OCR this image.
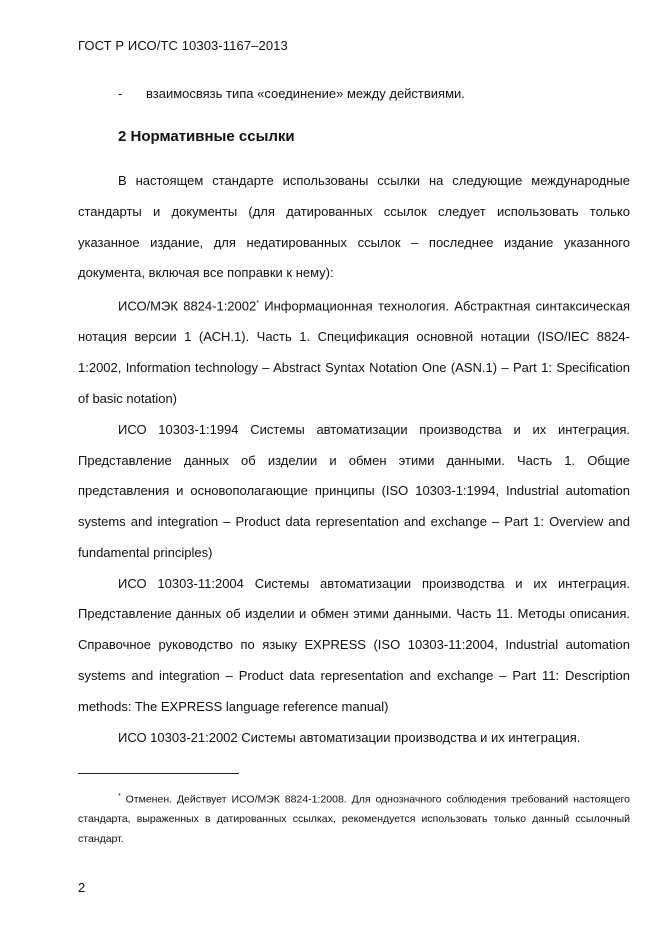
ГОСТ Р ИСО/ТС 10303-1167–2013
- взаимосвязь типа «соединение» между действиями.
2 Нормативные ссылки

В настоящем стандарте использованы ссылки на следующие международные стандарты и документы (для датированных ссылок следует использовать только указанное издание, для недатированных ссылок – последнее издание указанного документа, включая все поправки к нему):

ИСО/МЭК 8824-1:2002* Информационная технология. Абстрактная синтаксическая нотация версии 1 (АСН.1). Часть 1. Спецификация основной нотации (ISO/IEC 8824-1:2002, Information technology – Abstract Syntax Notation One (ASN.1) – Part 1: Specification of basic notation)

ИСО 10303-1:1994 Системы автоматизации производства и их интеграция. Представление данных об изделии и обмен этими данными. Часть 1. Общие представления и основополагающие принципы (ISO 10303-1:1994, Industrial automation systems and integration – Product data representation and exchange – Part 1: Overview and fundamental principles)

ИСО 10303-11:2004 Системы автоматизации производства и их интеграция. Представление данных об изделии и обмен этими данными. Часть 11. Методы описания. Справочное руководство по языку EXPRESS (ISO 10303-11:2004, Industrial automation systems and integration – Product data representation and exchange – Part 11: Description methods: The EXPRESS language reference manual)

ИСО 10303-21:2002 Системы автоматизации производства и их интеграция.

* Отменен. Действует ИСО/МЭК 8824-1:2008. Для однозначного соблюдения требований настоящего стандарта, выраженных в датированных ссылках, рекомендуется использовать только данный ссылочный стандарт.
2
